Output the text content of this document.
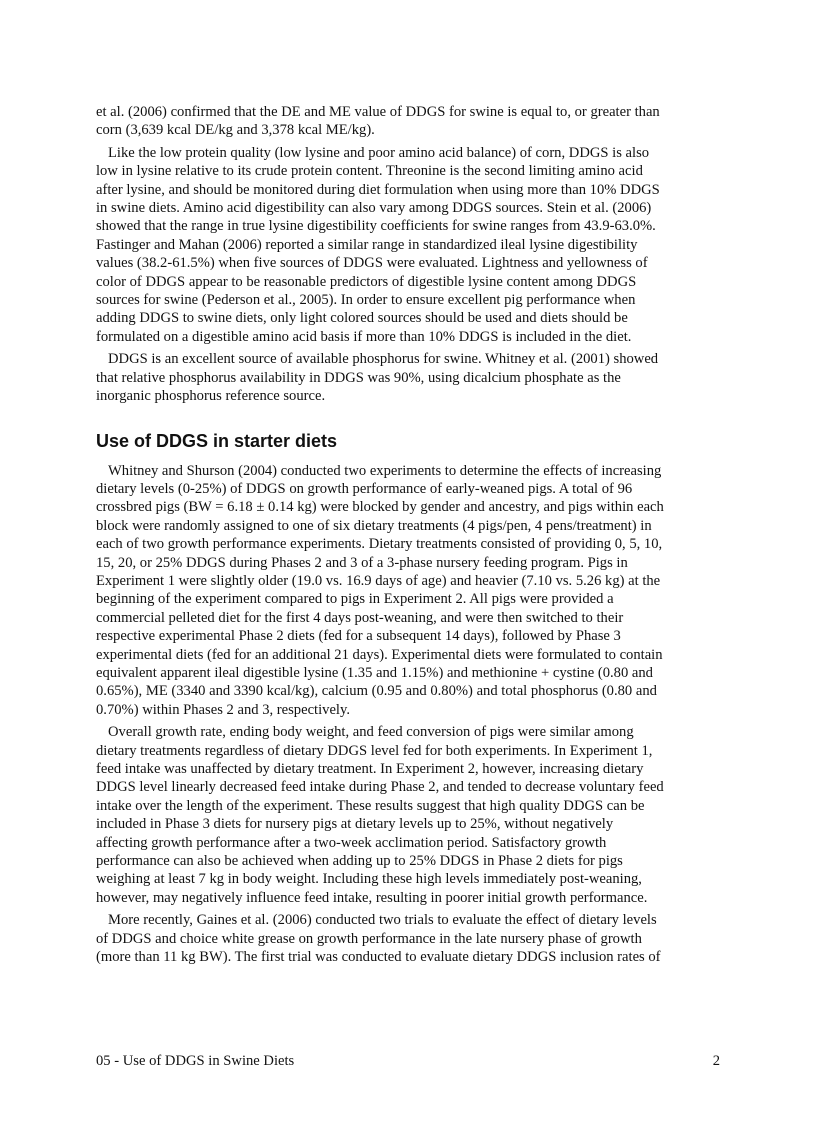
et al. (2006) confirmed that the DE and ME value of DDGS for swine is equal to, or greater than
corn (3,639 kcal DE/kg and 3,378 kcal ME/kg).
Like the low protein quality (low lysine and poor amino acid balance) of corn, DDGS is also
low in lysine relative to its crude protein content. Threonine is the second limiting amino acid
after lysine, and should be monitored during diet formulation when using more than 10% DDGS
in swine diets. Amino acid digestibility can also vary among DDGS sources. Stein et al. (2006)
showed that the range in true lysine digestibility coefficients for swine ranges from 43.9-63.0%.
Fastinger and Mahan (2006) reported a similar range in standardized ileal lysine digestibility
values (38.2-61.5%) when five sources of DDGS were evaluated. Lightness and yellowness of
color of DDGS appear to be reasonable predictors of digestible lysine content among DDGS
sources for swine (Pederson et al., 2005). In order to ensure excellent pig performance when
adding DDGS to swine diets, only light colored sources should be used and diets should be
formulated on a digestible amino acid basis if more than 10% DDGS is included in the diet.
DDGS is an excellent source of available phosphorus for swine. Whitney et al. (2001) showed
that relative phosphorus availability in DDGS was 90%, using dicalcium phosphate as the
inorganic phosphorus reference source.
Use of DDGS in starter diets
Whitney and Shurson (2004) conducted two experiments to determine the effects of increasing
dietary levels (0-25%) of DDGS on growth performance of early-weaned pigs. A total of 96
crossbred pigs (BW = 6.18 ± 0.14 kg) were blocked by gender and ancestry, and pigs within each
block were randomly assigned to one of six dietary treatments (4 pigs/pen, 4 pens/treatment) in
each of two growth performance experiments. Dietary treatments consisted of providing 0, 5, 10,
15, 20, or 25% DDGS during Phases 2 and 3 of a 3-phase nursery feeding program. Pigs in
Experiment 1 were slightly older (19.0 vs. 16.9 days of age) and heavier (7.10 vs. 5.26 kg) at the
beginning of the experiment compared to pigs in Experiment 2. All pigs were provided a
commercial pelleted diet for the first 4 days post-weaning, and were then switched to their
respective experimental Phase 2 diets (fed for a subsequent 14 days), followed by Phase 3
experimental diets (fed for an additional 21 days). Experimental diets were formulated to contain
equivalent apparent ileal digestible lysine (1.35 and 1.15%) and methionine + cystine (0.80 and
0.65%), ME (3340 and 3390 kcal/kg), calcium (0.95 and 0.80%) and total phosphorus (0.80 and
0.70%) within Phases 2 and 3, respectively.
Overall growth rate, ending body weight, and feed conversion of pigs were similar among
dietary treatments regardless of dietary DDGS level fed for both experiments. In Experiment 1,
feed intake was unaffected by dietary treatment. In Experiment 2, however, increasing dietary
DDGS level linearly decreased feed intake during Phase 2, and tended to decrease voluntary feed
intake over the length of the experiment. These results suggest that high quality DDGS can be
included in Phase 3 diets for nursery pigs at dietary levels up to 25%, without negatively
affecting growth performance after a two-week acclimation period. Satisfactory growth
performance can also be achieved when adding up to 25% DDGS in Phase 2 diets for pigs
weighing at least 7 kg in body weight. Including these high levels immediately post-weaning,
however, may negatively influence feed intake, resulting in poorer initial growth performance.
More recently, Gaines et al. (2006) conducted two trials to evaluate the effect of dietary levels
of DDGS and choice white grease on growth performance in the late nursery phase of growth
(more than 11 kg BW). The first trial was conducted to evaluate dietary DDGS inclusion rates of
05 - Use of DDGS in Swine Diets	2
